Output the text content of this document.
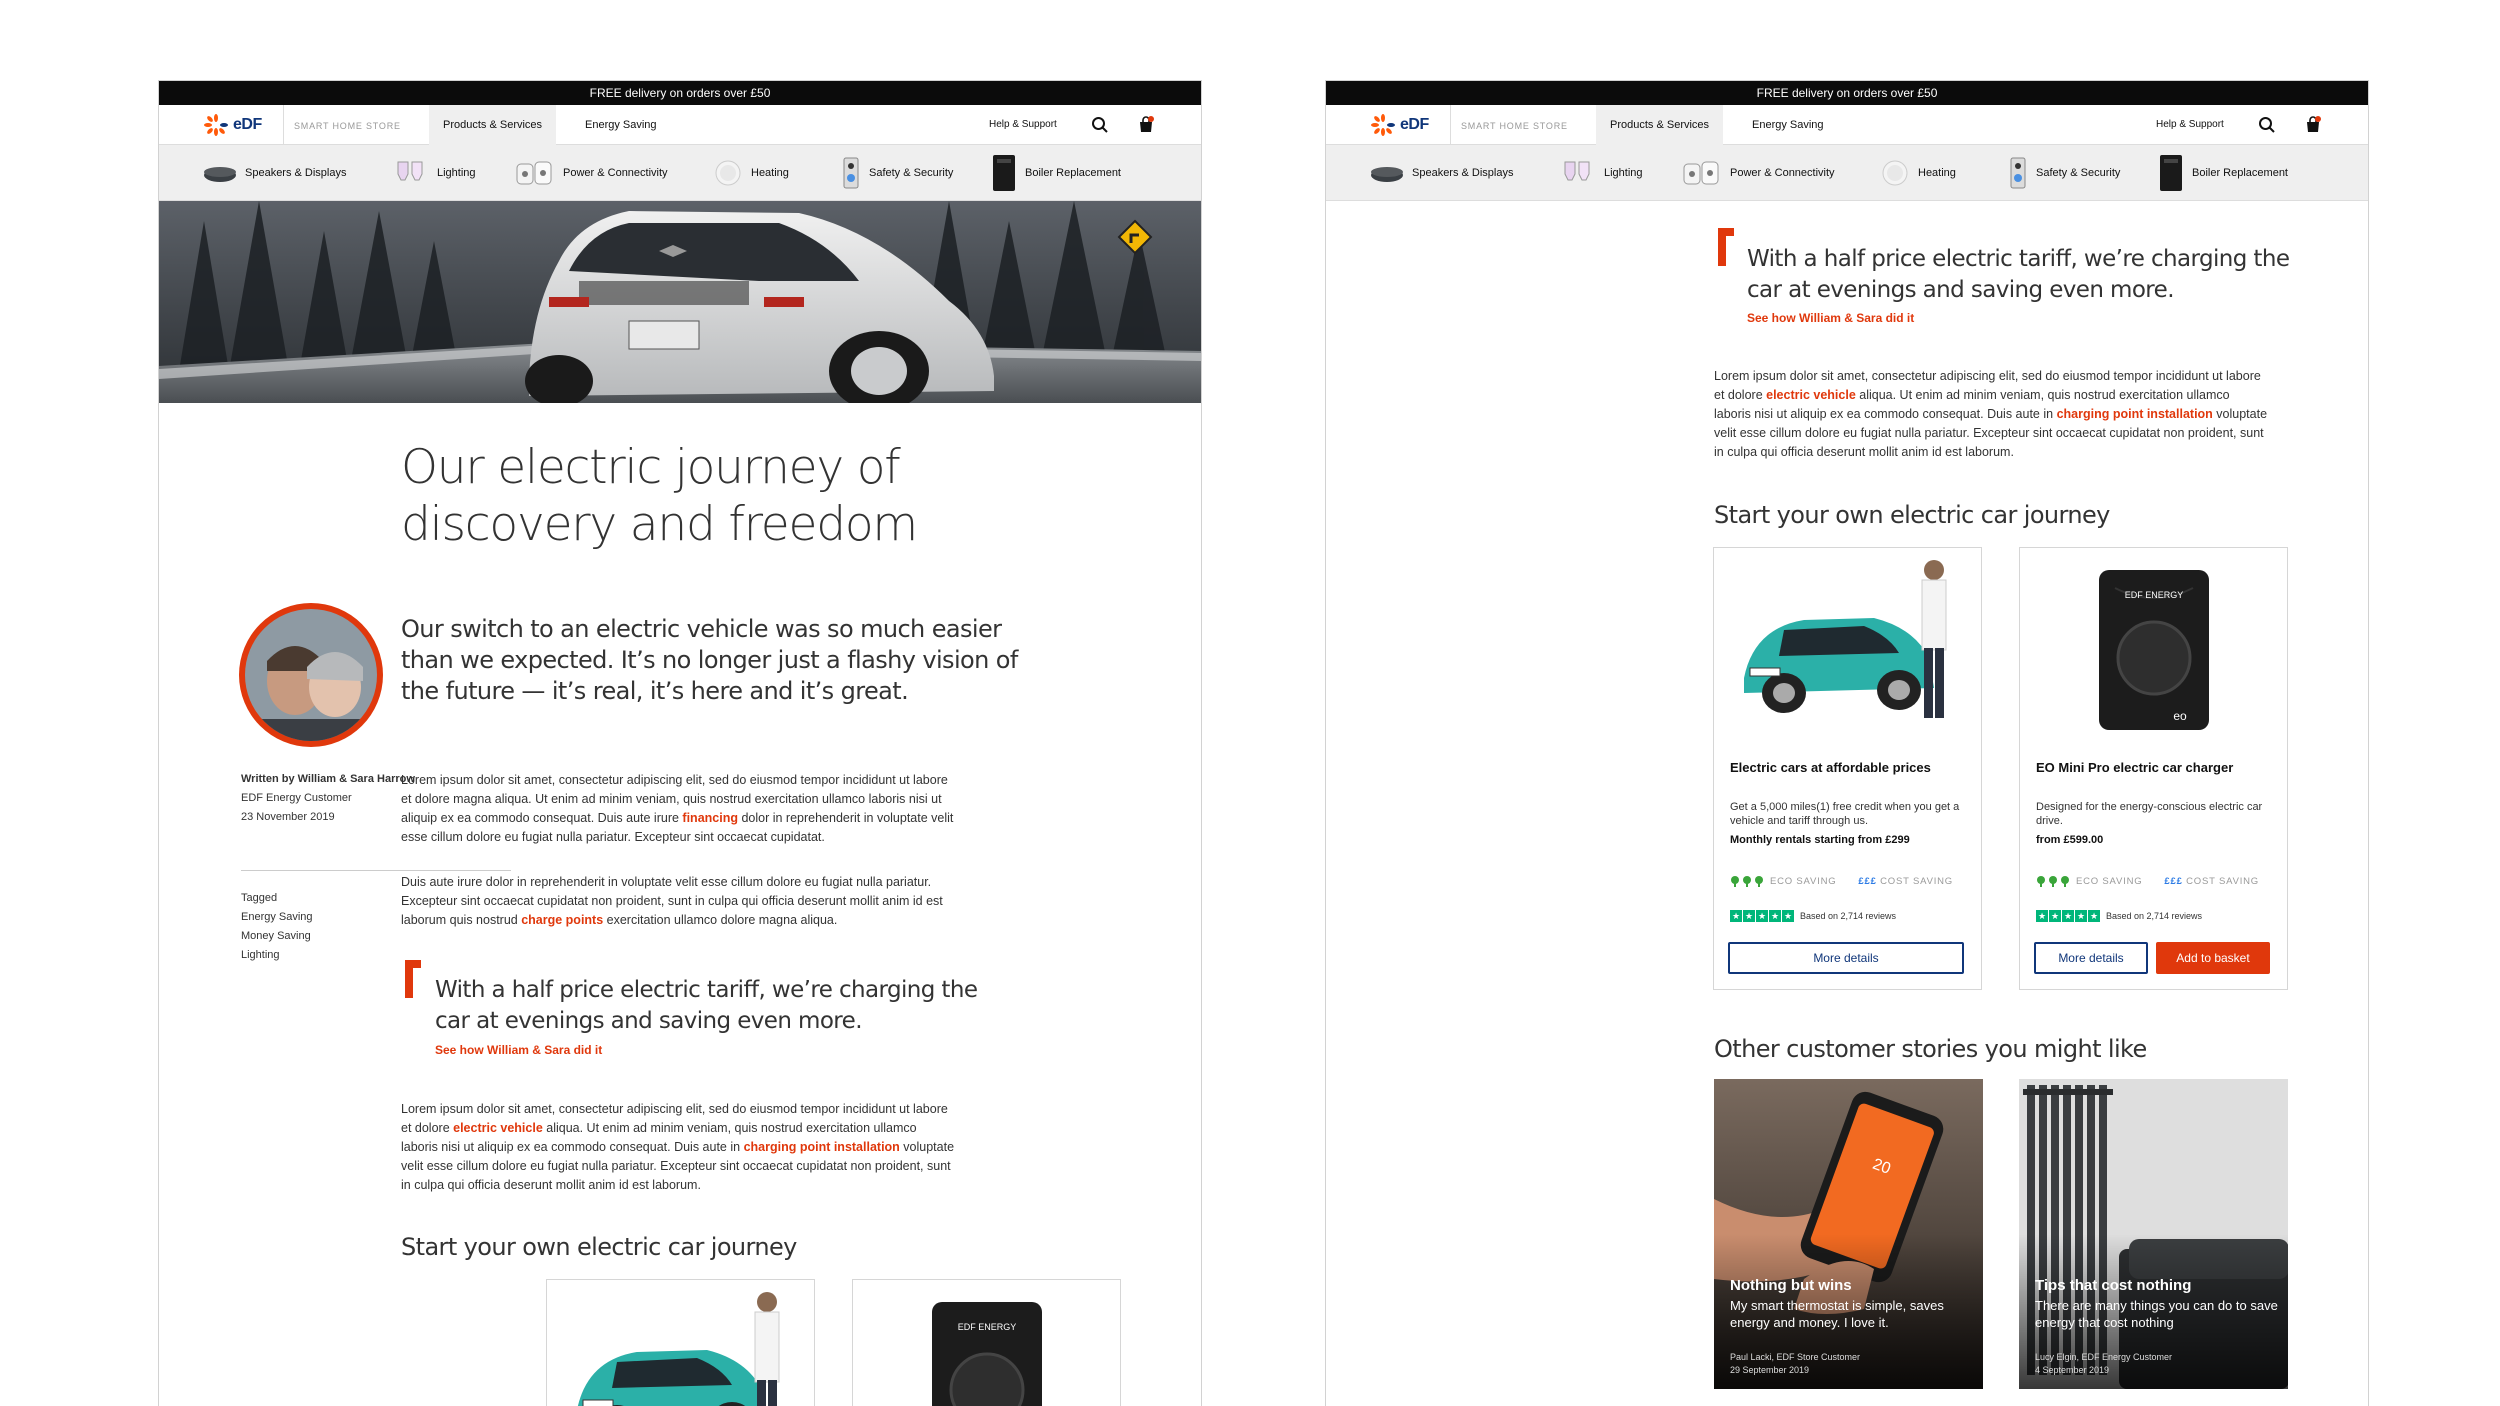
FREE delivery on orders over £50
eDF	SMART HOME STORE	Products & Services	Energy Saving	Help & Support
Speakers & Displays	Lighting	Power & Connectivity	Heating	Safety & Security	Boiler Replacement
Our electric journey of
discovery and freedom
Our switch to an electric vehicle was so much easier
than we expected. It’s no longer just a flashy vision of
the future — it’s real, it’s here and it’s great.
Written by William & Sara Harrow
EDF Energy Customer
23 November 2019
Tagged
Energy Saving
Money Saving
Lighting
Lorem ipsum dolor sit amet, consectetur adipiscing elit, sed do eiusmod tempor incididunt ut labore
et dolore magna aliqua. Ut enim ad minim veniam, quis nostrud exercitation ullamco laboris nisi ut
aliquip ex ea commodo consequat. Duis aute irure financing dolor in reprehenderit in voluptate velit
esse cillum dolore eu fugiat nulla pariatur. Excepteur sint occaecat cupidatat.
Duis aute irure dolor in reprehenderit in voluptate velit esse cillum dolore eu fugiat nulla pariatur.
Excepteur sint occaecat cupidatat non proident, sunt in culpa qui officia deserunt mollit anim id est
laborum quis nostrud charge points exercitation ullamco dolore magna aliqua.
With a half price electric tariff, we’re charging the
car at evenings and saving even more.
See how William & Sara did it
Lorem ipsum dolor sit amet, consectetur adipiscing elit, sed do eiusmod tempor incididunt ut labore
et dolore electric vehicle aliqua. Ut enim ad minim veniam, quis nostrud exercitation ullamco
laboris nisi ut aliquip ex ea commodo consequat. Duis aute in charging point installation voluptate
velit esse cillum dolore eu fugiat nulla pariatur. Excepteur sint occaecat cupidatat non proident, sunt
in culpa qui officia deserunt mollit anim id est laborum.
Start your own electric car journey
EDF ENERGY
FREE delivery on orders over £50
eDF	SMART HOME STORE	Products & Services	Energy Saving	Help & Support
Speakers & Displays	Lighting	Power & Connectivity	Heating	Safety & Security	Boiler Replacement
With a half price electric tariff, we’re charging the
car at evenings and saving even more.
See how William & Sara did it
Lorem ipsum dolor sit amet, consectetur adipiscing elit, sed do eiusmod tempor incididunt ut labore
et dolore electric vehicle aliqua. Ut enim ad minim veniam, quis nostrud exercitation ullamco
laboris nisi ut aliquip ex ea commodo consequat. Duis aute in charging point installation voluptate
velit esse cillum dolore eu fugiat nulla pariatur. Excepteur sint occaecat cupidatat non proident, sunt
in culpa qui officia deserunt mollit anim id est laborum.
Start your own electric car journey
Electric cars at affordable prices
Get a 5,000 miles(1) free credit when you get a vehicle and tariff through us.
Monthly rentals starting from £299
ECO SAVING £££ COST SAVING
★ ★ ★ ★ ★ Based on 2,714 reviews
More details
EDF ENERGY
eo
EO Mini Pro electric car charger
Designed for the energy-conscious electric car drive.
from £599.00
ECO SAVING £££ COST SAVING
★ ★ ★ ★ ★ Based on 2,714 reviews
More details	Add to basket
Other customer stories you might like
Nothing but wins
My smart thermostat is simple, saves energy and money. I love it.
Paul Lacki, EDF Store Customer
29 September 2019
Tips that cost nothing
There are many things you can do to save energy that cost nothing
Lucy Elgin, EDF Energy Customer
4 September 2019
